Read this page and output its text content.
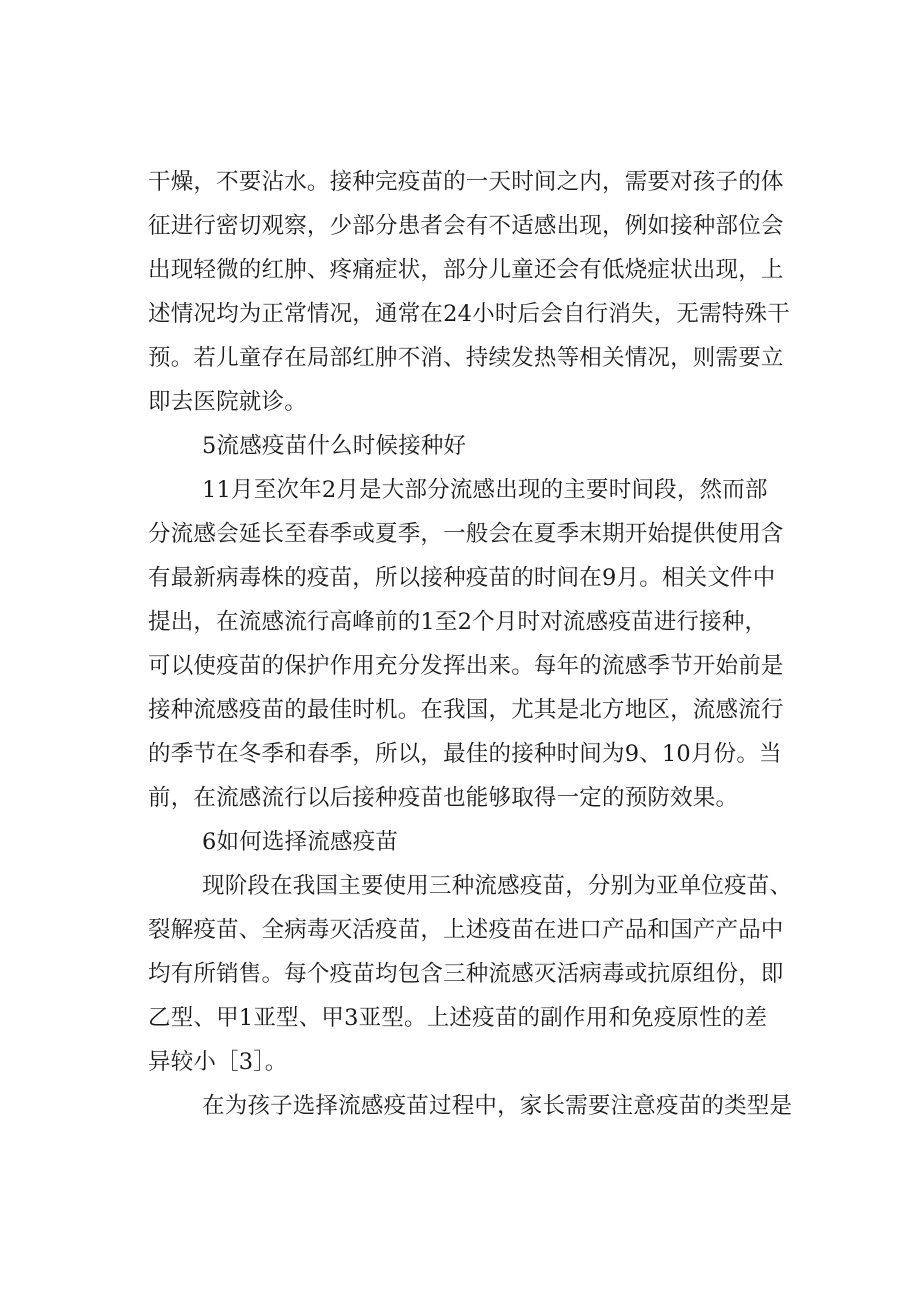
干燥，不要沾水。接种完疫苗的一天时间之内，需要对孩子的体
征进行密切观察，少部分患者会有不适感出现，例如接种部位会
出现轻微的红肿、疼痛症状，部分儿童还会有低烧症状出现，上
述情况均为正常情况，通常在24小时后会自行消失，无需特殊干
预。若儿童存在局部红肿不消、持续发热等相关情况，则需要立
即去医院就诊。
5流感疫苗什么时候接种好
11月至次年2月是大部分流感出现的主要时间段，然而部
分流感会延长至春季或夏季，一般会在夏季末期开始提供使用含
有最新病毒株的疫苗，所以接种疫苗的时间在9月。相关文件中
提出，在流感流行高峰前的1至2个月时对流感疫苗进行接种，
可以使疫苗的保护作用充分发挥出来。每年的流感季节开始前是
接种流感疫苗的最佳时机。在我国，尤其是北方地区，流感流行
的季节在冬季和春季，所以，最佳的接种时间为9、10月份。当
前，在流感流行以后接种疫苗也能够取得一定的预防效果。
6如何选择流感疫苗
现阶段在我国主要使用三种流感疫苗，分别为亚单位疫苗、
裂解疫苗、全病毒灭活疫苗，上述疫苗在进口产品和国产产品中
均有所销售。每个疫苗均包含三种流感灭活病毒或抗原组份，即
乙型、甲1亚型、甲3亚型。上述疫苗的副作用和免疫原性的差
异较小［3］。
在为孩子选择流感疫苗过程中，家长需要注意疫苗的类型是
